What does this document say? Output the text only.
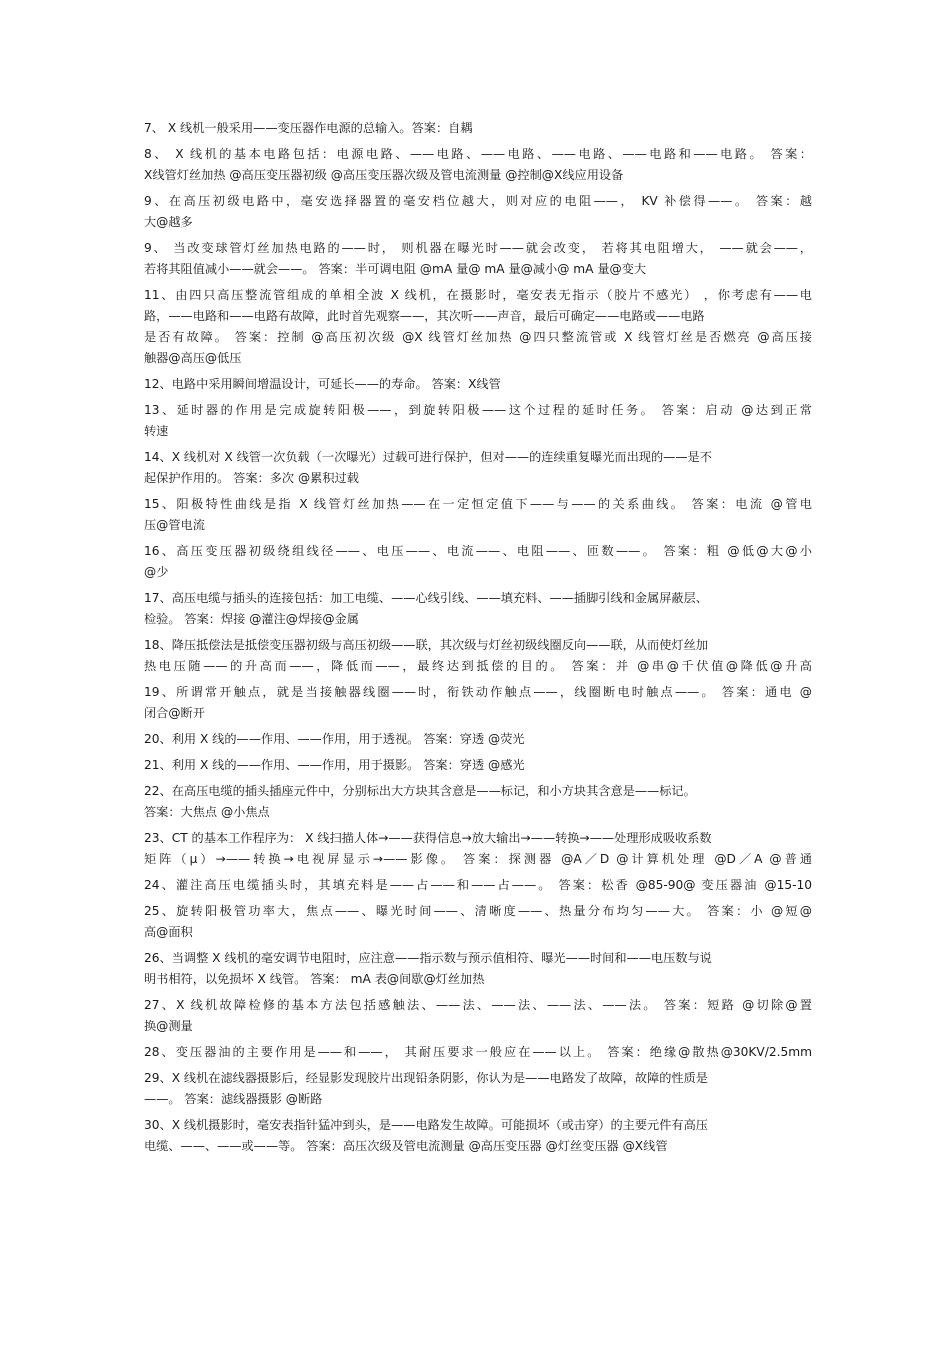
7、 X 线机一般采用——变压器作电源的总输入。答案：自耦
8、 X 线机的基本电路包括：电源电路、——电路、——电路、——电路、——电路和——电路。 答案：
X线管灯丝加热 @高压变压器初级 @高压变压器次级及管电流测量 @控制@X线应用设备
9、在高压初级电路中，毫安选择器置的毫安档位越大，则对应的电阻——， KV 补偿得——。 答案：越
大@越多
9、 当改变球管灯丝加热电路的——时， 则机器在曝光时——就会改变， 若将其电阻增大， ——就会——，
若将其阻值减小——就会——。 答案：半可调电阻 @mA 量@ mA 量@减小@ mA 量@变大
11、由四只高压整流管组成的单相全波 X 线机，在摄影时，毫安表无指示（胶片不感光） ，你考虑有——电
路，——电路和——电路有故障，此时首先观察——，其次听——声音，最后可确定——电路或——电路
是否有故障。 答案：控制 @高压初次级 @X 线管灯丝加热 @四只整流管或 X 线管灯丝是否燃亮 @高压接
触器@高压@低压
12、电路中采用瞬间增温设计，可延长——的寿命。 答案：X线管
13、延时器的作用是完成旋转阳极——，到旋转阳极——这个过程的延时任务。 答案：启动 @达到正常
转速
14、X 线机对 X 线管一次负载（一次曝光）过载可进行保护，但对——的连续重复曝光而出现的——是不
起保护作用的。 答案：多次 @累积过载
15、阳极特性曲线是指 X 线管灯丝加热——在一定恒定值下——与——的关系曲线。 答案：电流 @管电
压@管电流
16、高压变压器初级绕组线径——、电压——、电流——、电阻——、匝数——。 答案：粗 @低@大@小
@少
17、高压电缆与插头的连接包括：加工电缆、——心线引线、——填充料、——插脚引线和金属屏蔽层、
检验。 答案：焊接 @灌注@焊接@金属
18、降压抵偿法是抵偿变压器初级与高压初级——联，其次级与灯丝初级线圈反向——联，从而使灯丝加
热电压随——的升高而——，降低而——，最终达到抵偿的目的。 答案：并 @串@千伏值@降低@升高
19、所谓常开触点，就是当接触器线圈——时，衔铁动作触点——，线圈断电时触点——。 答案：通电 @
闭合@断开
20、利用 X 线的——作用、——作用，用于透视。 答案：穿透 @荧光
21、利用 X 线的——作用、——作用，用于摄影。 答案：穿透 @感光
22、在高压电缆的插头插座元件中，分别标出大方块其含意是——标记，和小方块其含意是——标记。
答案：大焦点 @小焦点
23、CT 的基本工作程序为： X 线扫描人体→——获得信息→放大输出→——转换→——处理形成吸收系数
矩阵（μ）→——转换→电视屏显示→——影像。 答案：探测器 @A／D @计算机处理 @D／A @普通
24、灌注高压电缆插头时，其填充料是——占——和——占——。 答案：松香 @85-90@ 变压器油 @15-10
25、旋转阳极管功率大，焦点——、曝光时间——、清晰度——、热量分布均匀——大。 答案：小 @短@
高@面积
26、当调整 X 线机的毫安调节电阻时，应注意——指示数与预示值相符、曝光——时间和——电压数与说
明书相符，以免损坏 X 线管。 答案： mA 表@间歇@灯丝加热
27、X 线机故障检修的基本方法包括感触法、——法、——法、——法、——法。 答案：短路 @切除@置
换@测量
28、变压器油的主要作用是——和——， 其耐压要求一般应在——以上。 答案：绝缘@散热@30KV/2.5mm
29、X 线机在滤线器摄影后，经显影发现胶片出现铅条阴影，你认为是——电路发了故障，故障的性质是
——。 答案：滤线器摄影 @断路
30、X 线机摄影时，毫安表指针猛冲到头，是——电路发生故障。可能损坏（或击穿）的主要元件有高压
电缆、——、——或——等。 答案：高压次级及管电流测量 @高压变压器 @灯丝变压器 @X线管
